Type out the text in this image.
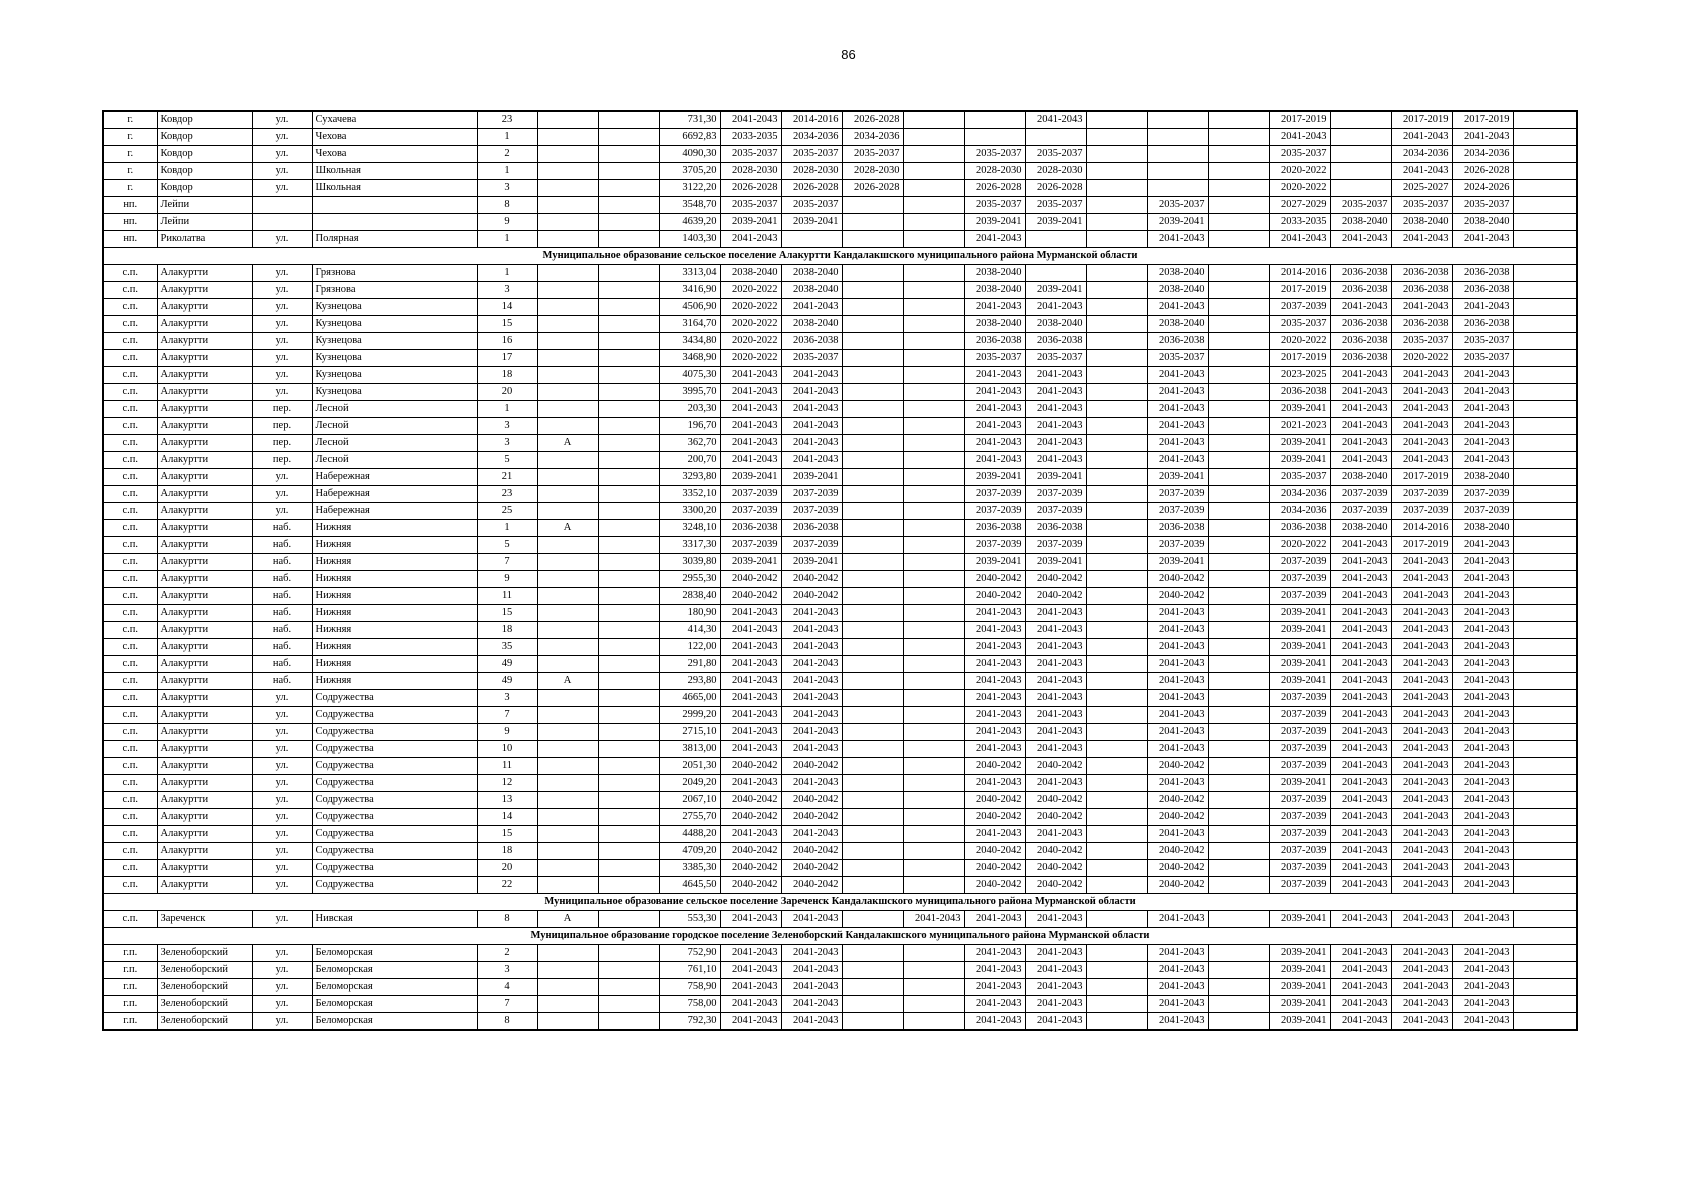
86
г.	Ковдор	ул.	Сухачева	23			731,30	2041-2043	2014-2016	2026-2028			2041-2043				2017-2019		2017-2019	2017-2019	
г.	Ковдор	ул.	Чехова	1			6692,83	2033-2035	2034-2036	2034-2036							2041-2043		2041-2043	2041-2043	
г.	Ковдор	ул.	Чехова	2			4090,30	2035-2037	2035-2037	2035-2037		2035-2037	2035-2037				2035-2037		2034-2036	2034-2036	
г.	Ковдор	ул.	Школьная	1			3705,20	2028-2030	2028-2030	2028-2030		2028-2030	2028-2030				2020-2022		2041-2043	2026-2028	
г.	Ковдор	ул.	Школьная	3			3122,20	2026-2028	2026-2028	2026-2028		2026-2028	2026-2028				2020-2022		2025-2027	2024-2026	
нп.	Лейпи			8			3548,70	2035-2037	2035-2037			2035-2037	2035-2037		2035-2037		2027-2029	2035-2037	2035-2037	2035-2037	
нп.	Лейпи			9			4639,20	2039-2041	2039-2041			2039-2041	2039-2041		2039-2041		2033-2035	2038-2040	2038-2040	2038-2040	
нп.	Риколатва	ул.	Полярная	1			1403,30	2041-2043				2041-2043			2041-2043		2041-2043	2041-2043	2041-2043	2041-2043	
Муниципальное образование сельское поселение Алакуртти Кандалакшского муниципального района Мурманской области																					
с.п.	Алакуртти	ул.	Грязнова	1			3313,04	2038-2040	2038-2040			2038-2040			2038-2040		2014-2016	2036-2038	2036-2038	2036-2038	
с.п.	Алакуртти	ул.	Грязнова	3			3416,90	2020-2022	2038-2040			2038-2040	2039-2041		2038-2040		2017-2019	2036-2038	2036-2038	2036-2038	
с.п.	Алакуртти	ул.	Кузнецова	14			4506,90	2020-2022	2041-2043			2041-2043	2041-2043		2041-2043		2037-2039	2041-2043	2041-2043	2041-2043	
с.п.	Алакуртти	ул.	Кузнецова	15			3164,70	2020-2022	2038-2040			2038-2040	2038-2040		2038-2040		2035-2037	2036-2038	2036-2038	2036-2038	
с.п.	Алакуртти	ул.	Кузнецова	16			3434,80	2020-2022	2036-2038			2036-2038	2036-2038		2036-2038		2020-2022	2036-2038	2035-2037	2035-2037	
с.п.	Алакуртти	ул.	Кузнецова	17			3468,90	2020-2022	2035-2037			2035-2037	2035-2037		2035-2037		2017-2019	2036-2038	2020-2022	2035-2037	
с.п.	Алакуртти	ул.	Кузнецова	18			4075,30	2041-2043	2041-2043			2041-2043	2041-2043		2041-2043		2023-2025	2041-2043	2041-2043	2041-2043	
с.п.	Алакуртти	ул.	Кузнецова	20			3995,70	2041-2043	2041-2043			2041-2043	2041-2043		2041-2043		2036-2038	2041-2043	2041-2043	2041-2043	
с.п.	Алакуртти	пер.	Лесной	1			203,30	2041-2043	2041-2043			2041-2043	2041-2043		2041-2043		2039-2041	2041-2043	2041-2043	2041-2043	
с.п.	Алакуртти	пер.	Лесной	3			196,70	2041-2043	2041-2043			2041-2043	2041-2043		2041-2043		2021-2023	2041-2043	2041-2043	2041-2043	
с.п.	Алакуртти	пер.	Лесной	3	А		362,70	2041-2043	2041-2043			2041-2043	2041-2043		2041-2043		2039-2041	2041-2043	2041-2043	2041-2043	
с.п.	Алакуртти	пер.	Лесной	5			200,70	2041-2043	2041-2043			2041-2043	2041-2043		2041-2043		2039-2041	2041-2043	2041-2043	2041-2043	
с.п.	Алакуртти	ул.	Набережная	21			3293,80	2039-2041	2039-2041			2039-2041	2039-2041		2039-2041		2035-2037	2038-2040	2017-2019	2038-2040	
с.п.	Алакуртти	ул.	Набережная	23			3352,10	2037-2039	2037-2039			2037-2039	2037-2039		2037-2039		2034-2036	2037-2039	2037-2039	2037-2039	
с.п.	Алакуртти	ул.	Набережная	25			3300,20	2037-2039	2037-2039			2037-2039	2037-2039		2037-2039		2034-2036	2037-2039	2037-2039	2037-2039	
с.п.	Алакуртти	наб.	Нижняя	1	А		3248,10	2036-2038	2036-2038			2036-2038	2036-2038		2036-2038		2036-2038	2038-2040	2014-2016	2038-2040	
с.п.	Алакуртти	наб.	Нижняя	5			3317,30	2037-2039	2037-2039			2037-2039	2037-2039		2037-2039		2020-2022	2041-2043	2017-2019	2041-2043	
с.п.	Алакуртти	наб.	Нижняя	7			3039,80	2039-2041	2039-2041			2039-2041	2039-2041		2039-2041		2037-2039	2041-2043	2041-2043	2041-2043	
с.п.	Алакуртти	наб.	Нижняя	9			2955,30	2040-2042	2040-2042			2040-2042	2040-2042		2040-2042		2037-2039	2041-2043	2041-2043	2041-2043	
с.п.	Алакуртти	наб.	Нижняя	11			2838,40	2040-2042	2040-2042			2040-2042	2040-2042		2040-2042		2037-2039	2041-2043	2041-2043	2041-2043	
с.п.	Алакуртти	наб.	Нижняя	15			180,90	2041-2043	2041-2043			2041-2043	2041-2043		2041-2043		2039-2041	2041-2043	2041-2043	2041-2043	
с.п.	Алакуртти	наб.	Нижняя	18			414,30	2041-2043	2041-2043			2041-2043	2041-2043		2041-2043		2039-2041	2041-2043	2041-2043	2041-2043	
с.п.	Алакуртти	наб.	Нижняя	35			122,00	2041-2043	2041-2043			2041-2043	2041-2043		2041-2043		2039-2041	2041-2043	2041-2043	2041-2043	
с.п.	Алакуртти	наб.	Нижняя	49			291,80	2041-2043	2041-2043			2041-2043	2041-2043		2041-2043		2039-2041	2041-2043	2041-2043	2041-2043	
с.п.	Алакуртти	наб.	Нижняя	49	А		293,80	2041-2043	2041-2043			2041-2043	2041-2043		2041-2043		2039-2041	2041-2043	2041-2043	2041-2043	
с.п.	Алакуртти	ул.	Содружества	3			4665,00	2041-2043	2041-2043			2041-2043	2041-2043		2041-2043		2037-2039	2041-2043	2041-2043	2041-2043	
с.п.	Алакуртти	ул.	Содружества	7			2999,20	2041-2043	2041-2043			2041-2043	2041-2043		2041-2043		2037-2039	2041-2043	2041-2043	2041-2043	
с.п.	Алакуртти	ул.	Содружества	9			2715,10	2041-2043	2041-2043			2041-2043	2041-2043		2041-2043		2037-2039	2041-2043	2041-2043	2041-2043	
с.п.	Алакуртти	ул.	Содружества	10			3813,00	2041-2043	2041-2043			2041-2043	2041-2043		2041-2043		2037-2039	2041-2043	2041-2043	2041-2043	
с.п.	Алакуртти	ул.	Содружества	11			2051,30	2040-2042	2040-2042			2040-2042	2040-2042		2040-2042		2037-2039	2041-2043	2041-2043	2041-2043	
с.п.	Алакуртти	ул.	Содружества	12			2049,20	2041-2043	2041-2043			2041-2043	2041-2043		2041-2043		2039-2041	2041-2043	2041-2043	2041-2043	
с.п.	Алакуртти	ул.	Содружества	13			2067,10	2040-2042	2040-2042			2040-2042	2040-2042		2040-2042		2037-2039	2041-2043	2041-2043	2041-2043	
с.п.	Алакуртти	ул.	Содружества	14			2755,70	2040-2042	2040-2042			2040-2042	2040-2042		2040-2042		2037-2039	2041-2043	2041-2043	2041-2043	
с.п.	Алакуртти	ул.	Содружества	15			4488,20	2041-2043	2041-2043			2041-2043	2041-2043		2041-2043		2037-2039	2041-2043	2041-2043	2041-2043	
с.п.	Алакуртти	ул.	Содружества	18			4709,20	2040-2042	2040-2042			2040-2042	2040-2042		2040-2042		2037-2039	2041-2043	2041-2043	2041-2043	
с.п.	Алакуртти	ул.	Содружества	20			3385,30	2040-2042	2040-2042			2040-2042	2040-2042		2040-2042		2037-2039	2041-2043	2041-2043	2041-2043	
с.п.	Алакуртти	ул.	Содружества	22			4645,50	2040-2042	2040-2042			2040-2042	2040-2042		2040-2042		2037-2039	2041-2043	2041-2043	2041-2043	
Муниципальное образование сельское поселение Зареченск Кандалакшского муниципального района Мурманской области																					
с.п.	Зареченск	ул.	Нивская	8	А		553,30	2041-2043	2041-2043		2041-2043	2041-2043	2041-2043		2041-2043		2039-2041	2041-2043	2041-2043	2041-2043	
Муниципальное образование городское поселение Зеленоборский Кандалакшского муниципального района Мурманской области																					
г.п.	Зеленоборский	ул.	Беломорская	2			752,90	2041-2043	2041-2043			2041-2043	2041-2043		2041-2043		2039-2041	2041-2043	2041-2043	2041-2043	
г.п.	Зеленоборский	ул.	Беломорская	3			761,10	2041-2043	2041-2043			2041-2043	2041-2043		2041-2043		2039-2041	2041-2043	2041-2043	2041-2043	
г.п.	Зеленоборский	ул.	Беломорская	4			758,90	2041-2043	2041-2043			2041-2043	2041-2043		2041-2043		2039-2041	2041-2043	2041-2043	2041-2043	
г.п.	Зеленоборский	ул.	Беломорская	7			758,00	2041-2043	2041-2043			2041-2043	2041-2043		2041-2043		2039-2041	2041-2043	2041-2043	2041-2043	
г.п.	Зеленоборский	ул.	Беломорская	8			792,30	2041-2043	2041-2043			2041-2043	2041-2043		2041-2043		2039-2041	2041-2043	2041-2043	2041-2043	
